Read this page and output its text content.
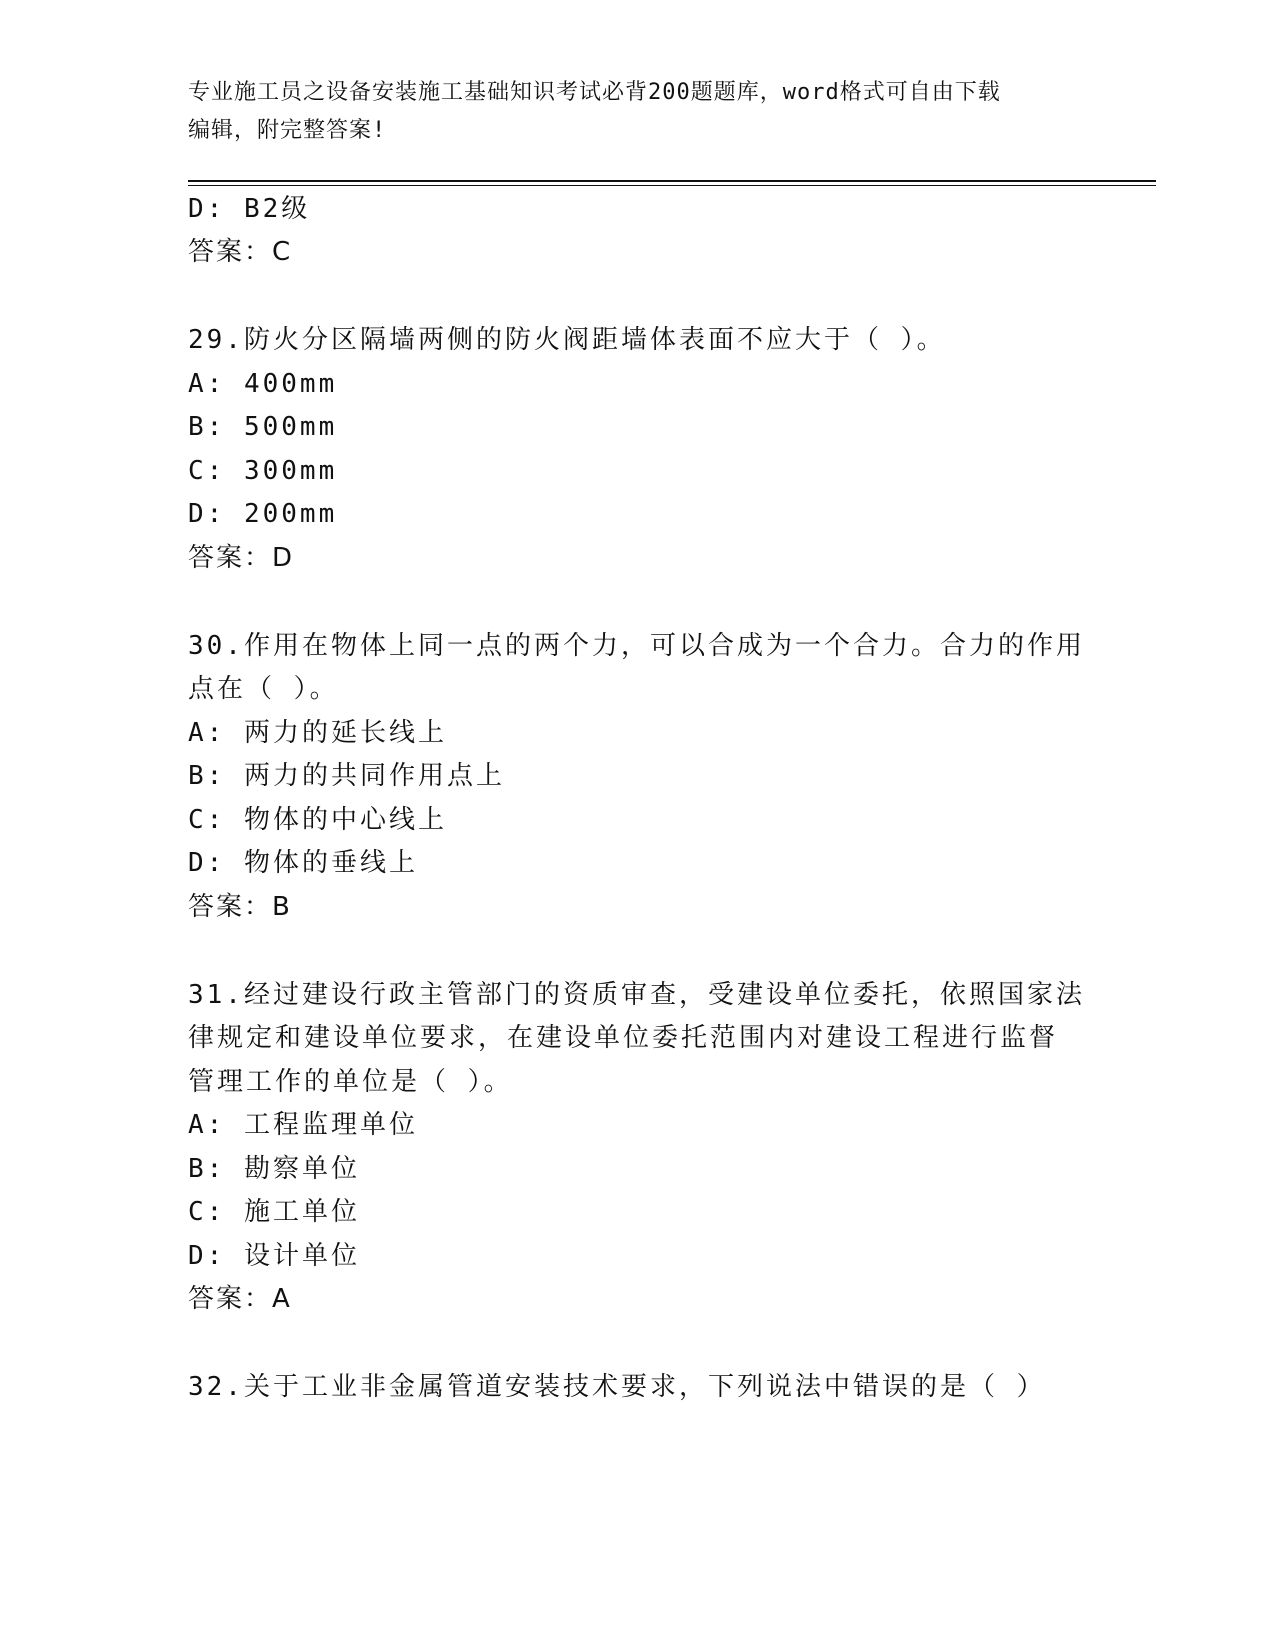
专业施工员之设备安装施工基础知识考试必背200题题库，word格式可自由下载
编辑，附完整答案!
D: B2级
答案：C
29.防火分区隔墙两侧的防火阀距墙体表面不应大于（ ）。
A: 400mm
B: 500mm
C: 300mm
D: 200mm
答案：D
30.作用在物体上同一点的两个力，可以合成为一个合力。合力的作用
点在（ ）。
A: 两力的延长线上
B: 两力的共同作用点上
C: 物体的中心线上
D: 物体的垂线上
答案：B
31.经过建设行政主管部门的资质审查，受建设单位委托，依照国家法
律规定和建设单位要求，在建设单位委托范围内对建设工程进行监督
管理工作的单位是（ ）。
A: 工程监理单位
B: 勘察单位
C: 施工单位
D: 设计单位
答案：A
32.关于工业非金属管道安装技术要求，下列说法中错误的是（ ）
